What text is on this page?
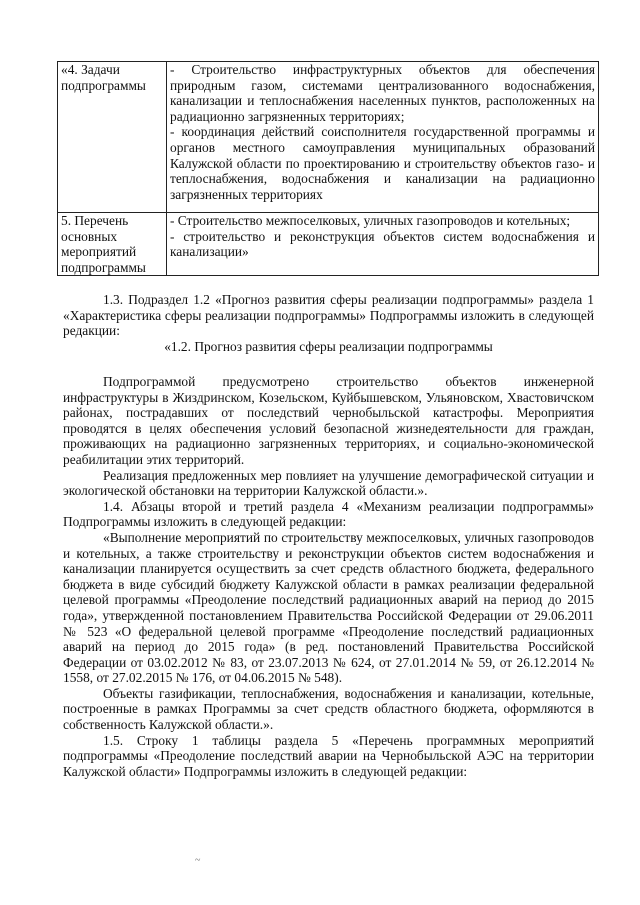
«4. Задачи подпрограммы	- Строительство инфраструктурных объектов для обеспечения природным газом, системами централизованного водоснабжения, канализации и теплоснабжения населенных пунктов, расположенных на радиационно загрязненных территориях;
- координация действий соисполнителя государственной программы и органов местного самоуправления муниципальных образований Калужской области по проектированию и строительству объектов газо- и теплоснабжения, водоснабжения и канализации на радиационно загрязненных территориях

5. Перечень основных мероприятий подпрограммы	- Строительство межпоселковых, уличных газопроводов и котельных;
- строительство и реконструкция объектов систем водоснабжения и канализации»

1.3. Подраздел 1.2 «Прогноз развития сферы реализации подпрограммы» раздела 1 «Характеристика сферы реализации подпрограммы» Подпрограммы изложить в следующей редакции:

«1.2. Прогноз развития сферы реализации подпрограммы

Подпрограммой предусмотрено строительство объектов инженерной инфраструктуры в Жиздринском, Козельском, Куйбышевском, Ульяновском, Хвастовичском районах, пострадавших от последствий чернобыльской катастрофы. Мероприятия проводятся в целях обеспечения условий безопасной жизнедеятельности для граждан, проживающих на радиационно загрязненных территориях, и социально-экономической реабилитации этих территорий.

Реализация предложенных мер повлияет на улучшение демографической ситуации и экологической обстановки на территории Калужской области.».

1.4. Абзацы второй и третий раздела 4 «Механизм реализации подпрограммы» Подпрограммы изложить в следующей редакции:

«Выполнение мероприятий по строительству межпоселковых, уличных газопроводов и котельных, а также строительству и реконструкции объектов систем водоснабжения и канализации планируется осуществить за счет средств областного бюджета, федерального бюджета в виде субсидий бюджету Калужской области в рамках реализации федеральной целевой программы «Преодоление последствий радиационных аварий на период до 2015 года», утвержденной постановлением Правительства Российской Федерации от 29.06.2011 № 523 «О федеральной целевой программе «Преодоление последствий радиационных аварий на период до 2015 года» (в ред. постановлений Правительства Российской Федерации от 03.02.2012 № 83, от 23.07.2013 № 624, от 27.01.2014 № 59, от 26.12.2014 № 1558, от 27.02.2015 № 176, от 04.06.2015 № 548).

Объекты газификации, теплоснабжения, водоснабжения и канализации, котельные, построенные в рамках Программы за счет средств областного бюджета, оформляются в собственность Калужской области.».

1.5. Строку 1 таблицы раздела 5 «Перечень программных мероприятий подпрограммы «Преодоление последствий аварии на Чернобыльской АЭС на территории Калужской области» Подпрограммы изложить в следующей редакции:

~
